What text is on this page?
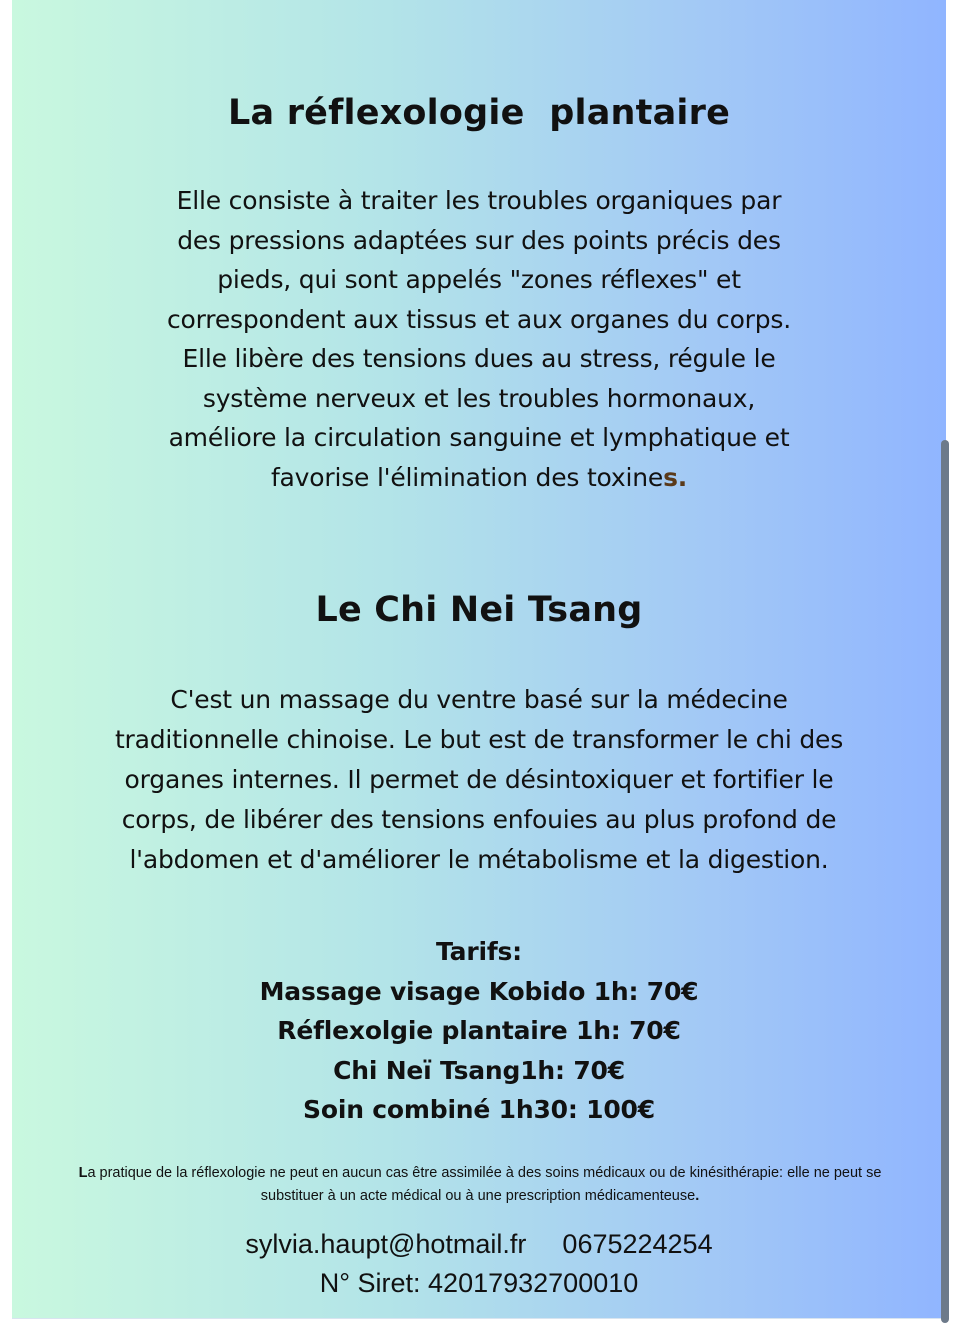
La réflexologie  plantaire
Elle consiste à traiter les troubles organiques par
des pressions adaptées sur des points précis des
pieds, qui sont appelés "zones réflexes" et
correspondent aux tissus et aux organes du corps.
Elle libère des tensions dues au stress, régule le
système nerveux et les troubles hormonaux,
améliore la circulation sanguine et lymphatique et
favorise l'élimination des toxines.
Le Chi Nei Tsang
C'est un massage du ventre basé sur la médecine
traditionnelle chinoise. Le but est de transformer le chi des
organes internes. Il permet de désintoxiquer et fortifier le
corps, de libérer des tensions enfouies au plus profond de
l'abdomen et d'améliorer le métabolisme et la digestion.
Tarifs:
Massage visage Kobido 1h: 70€
Réflexolgie plantaire 1h: 70€
Chi Neï Tsang1h: 70€
Soin combiné 1h30: 100€
La pratique de la réflexologie ne peut en aucun cas être assimilée à des soins médicaux ou de kinésithérapie: elle ne peut se
substituer à un acte médical ou à une prescription médicamenteuse.
sylvia.haupt@hotmail.fr 0675224254
N° Siret: 42017932700010
